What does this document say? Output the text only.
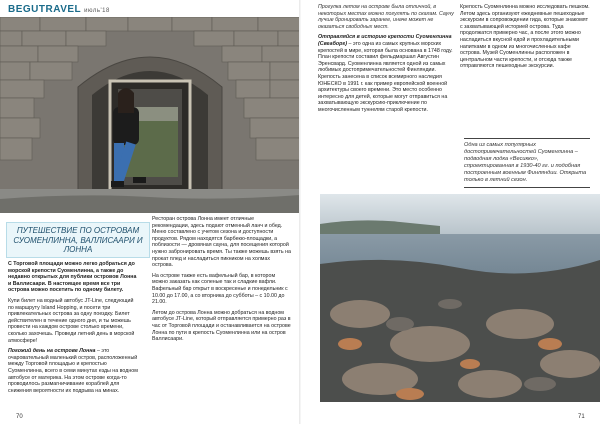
BEGUTRAVEL июль'18
ПУТЕШЕСТВИЕ ПО ОСТРОВАМ СУОМЕНЛИННА, ВАЛЛИСААРИ И ЛОННА

С Торговой площади можно легко добраться до морской крепости Суоменлинна, а также до недавно открытых для публики островов Лонна и Валлисаари. В настоящее время все три острова можно посетить по одному билету.

Купи билет на водный автобус JT-Line, следующий по маршруту Island Hopping, и посети три привлекательных острова за одну поездку. Билет действителен в течение одного дня, и ты можешь провести на каждом острове столько времени, сколько захочешь. Проведи летний день в морской атмосфере!

Погожий день на острове Лонна – это очаровательный маленький остров, расположенный между Торговой площадью и крепостью Суоменлинна, всего в семи минутах езды на водном автобусе от материка. На этом острове когда-то проводилось размагничивание кораблей для снижения вероятности их подрыва на минах.

Ресторан острова Лонна имеет отличные рекомендации, здесь подают отменный ланч и обед. Меню составлено с учетом сезона и доступности продуктов. Рядом находятся барбекю-площадки, а поблизости — дровяная сауна, для посещения которой нужно забронировать время. Ты также можешь взять на прокат плед и насладиться пикником на холмах острова.

На острове также есть вафельный бар, в котором можно заказать как соленые так и сладкие вафли. Вафельный бар открыт в воскресенье и понедельник с 10.00 до 17.00, а со вторника до субботы – с 10.00 до 21.00.

Летом до острова Лонна можно добраться на водном автобусе JT-Line, который отправляется примерно раз в час от Торговой площади и останавливается на острове Лонна по пути в крепость Суоменлинна или на остров Валлисаари.

70

Прогулка летом на острове была отличной, в некоторых местах можно погулять по скалам. Сауну лучше бронировать заранее, иначе может не оказаться свободных мест.

Отправляйся в историю крепости Суоменлинна (Свеаборг) – это одна из самых крупных морских крепостей в мире, которая была основана в 1748 году. План крепости составил фельдмаршал Августин Эренсвард. Суоменлинна является одной из самых любимых достопримечательностей Финляндии. Крепость занесена в список всемирного наследия ЮНЕСКО в 1991 г. как пример европейской военной архитектуры своего времени. Это место особенно интересно для детей, которые могут отправиться на захватывающую экскурсию-приключение по многочисленным туннелям старой крепости.

Крепость Суоменлинна можно исследовать пешком. Летом здесь организуют ежедневные пешеходные экскурсии в сопровождении гида, которые знакомят с захватывающей историей острова. Туда продолжатся примерно час, а после этого можно насладиться вкусной едой и прохладительными напитками в одном из многочисленных кафе острова. Музей Суоменлинны расположен в центральном части крепости, и отсюда также отправляются пешеходные экскурсии.

Одна из самых популярных достопримечательностей Суоменлинна – подводная лодка «Весикко», спроектированная в 1930-40 гг. и подобная построенным военным Финляндии. Открыта только в летний сезон.
71
